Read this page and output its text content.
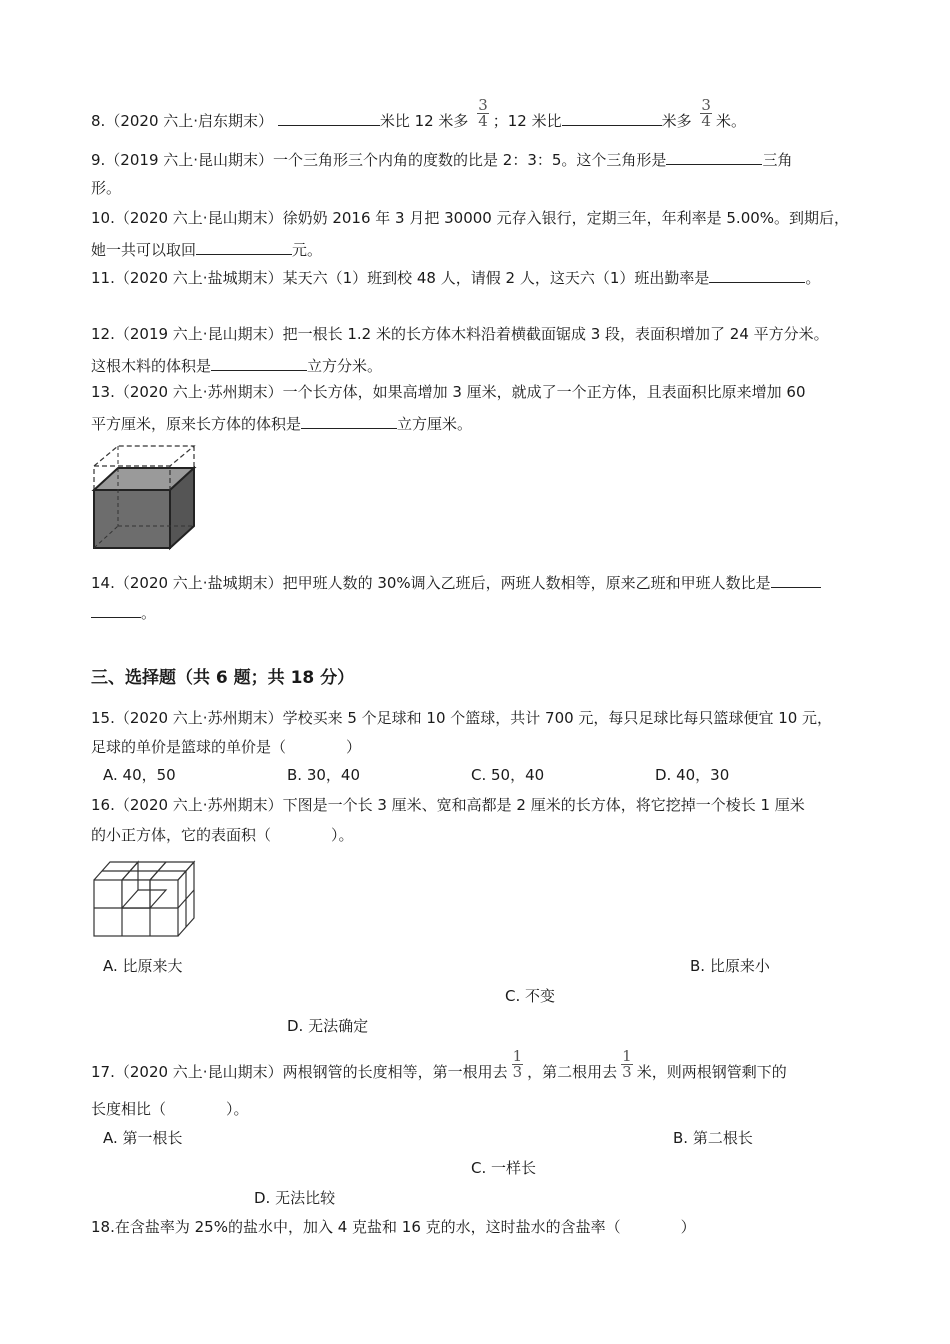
8.（2020 六上·启东期末）	米比 12 米多 $\frac{3}{4}$ ；12 米比	米多 $\frac{3}{4}$ 米。
9.（2019 六上·昆山期末）一个三角形三个内角的度数的比是 2：3：5。这个三角形是	三角
形。
10.（2020 六上·昆山期末）徐奶奶 2016 年 3 月把 30000 元存入银行，定期三年，年利率是 5.00%。到期后，
她一共可以取回	元。
11.（2020 六上·盐城期末）某天六（1）班到校 48 人，请假 2 人，这天六（1）班出勤率是	。
12.（2019 六上·昆山期末）把一根长 1.2 米的长方体木料沿着横截面锯成 3 段，表面积增加了 24 平方分米。
这根木料的体积是	立方分米。
13.（2020 六上·苏州期末）一个长方体，如果高增加 3 厘米，就成了一个正方体，且表面积比原来增加 60
平方厘米，原来长方体的体积是	立方厘米。
14.（2020 六上·盐城期末）把甲班人数的 30%调入乙班后，两班人数相等，原来乙班和甲班人数比是
。
三、选择题（共 6 题；共 18 分）
15.（2020 六上·苏州期末）学校买来 5 个足球和 10 个篮球，共计 700 元，每只足球比每只篮球便宜 10 元，
足球的单价是篮球的单价是（　　　　）
A. 40，50	B. 30，40	C. 50，40	D. 40，30
16.（2020 六上·苏州期末）下图是一个长 3 厘米、宽和高都是 2 厘米的长方体，将它挖掉一个棱长 1 厘米
的小正方体，它的表面积（　　　　）。
A. 比原来大	B. 比原来小
C. 不变
D. 无法确定
17.（2020 六上·昆山期末）两根钢管的长度相等，第一根用去 $\frac{1}{3}$ ，第二根用去 $\frac{1}{3}$ 米，则两根钢管剩下的
长度相比（　　　　）。
A. 第一根长	B. 第二根长
C. 一样长
D. 无法比较
18.在含盐率为 25%的盐水中，加入 4 克盐和 16 克的水，这时盐水的含盐率（　　　　）
